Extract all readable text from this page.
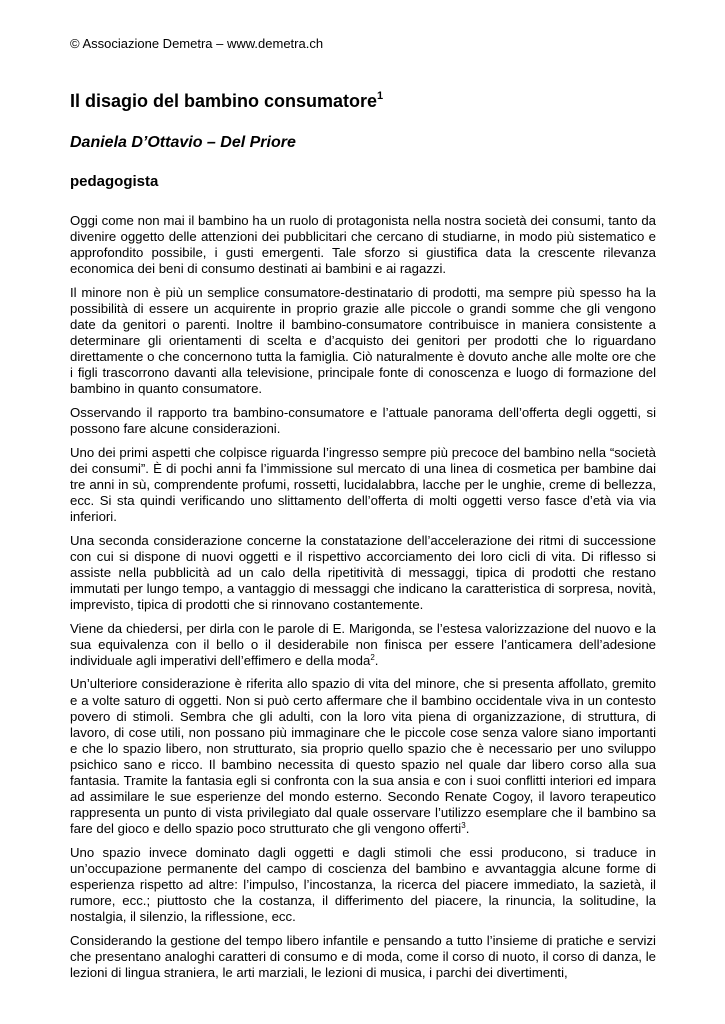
© Associazione Demetra – www.demetra.ch
Il disagio del bambino consumatore$^1$
Daniela D’Ottavio – Del Priore
pedagogista

Oggi come non mai il bambino ha un ruolo di protagonista nella nostra società dei consumi, tanto da divenire oggetto delle attenzioni dei pubblicitari che cercano di studiarne, in modo più sistematico e approfondito possibile, i gusti emergenti. Tale sforzo si giustifica data la crescente rilevanza economica dei beni di consumo destinati ai bambini e ai ragazzi.

Il minore non è più un semplice consumatore-destinatario di prodotti, ma sempre più spesso ha la possibilità di essere un acquirente in proprio grazie alle piccole o grandi somme che gli vengono date da genitori o parenti. Inoltre il bambino-consumatore contribuisce in maniera consistente a determinare gli orientamenti di scelta e d’acquisto dei genitori per prodotti che lo riguardano direttamente o che concernono tutta la famiglia. Ciò naturalmente è dovuto anche alle molte ore che i figli trascorrono davanti alla televisione, principale fonte di conoscenza e luogo di formazione del bambino in quanto consumatore.

Osservando il rapporto tra bambino-consumatore e l’attuale panorama dell’offerta degli oggetti, si possono fare alcune considerazioni.

Uno dei primi aspetti che colpisce riguarda l’ingresso sempre più precoce del bambino nella “società dei consumi”. È di pochi anni fa l’immissione sul mercato di una linea di cosmetica per bambine dai tre anni in sù, comprendente profumi, rossetti, lucidalabbra, lacche per le unghie, creme di bellezza, ecc. Si sta quindi verificando uno slittamento dell’offerta di molti oggetti verso fasce d’età via via inferiori.

Una seconda considerazione concerne la constatazione dell’accelerazione dei ritmi di successione con cui si dispone di nuovi oggetti e il rispettivo accorciamento dei loro cicli di vita. Di riflesso si assiste nella pubblicità ad un calo della ripetitività di messaggi, tipica di prodotti che restano immutati per lungo tempo, a vantaggio di messaggi che indicano la caratteristica di sorpresa, novità, imprevisto, tipica di prodotti che si rinnovano costantemente.

Viene da chiedersi, per dirla con le parole di E. Marigonda, se l’estesa valorizzazione del nuovo e la sua equivalenza con il bello o il desiderabile non finisca per essere l’anticamera dell’adesione individuale agli imperativi dell’effimero e della moda$^2$.

Un’ulteriore considerazione è riferita allo spazio di vita del minore, che si presenta affollato, gremito e a volte saturo di oggetti. Non si può certo affermare che il bambino occidentale viva in un contesto povero di stimoli. Sembra che gli adulti, con la loro vita piena di organizzazione, di struttura, di lavoro, di cose utili, non possano più immaginare che le piccole cose senza valore siano importanti e che lo spazio libero, non strutturato, sia proprio quello spazio che è necessario per uno sviluppo psichico sano e ricco. Il bambino necessita di questo spazio nel quale dar libero corso alla sua fantasia. Tramite la fantasia egli si confronta con la sua ansia e con i suoi conflitti interiori ed impara ad assimilare le sue esperienze del mondo esterno. Secondo Renate Cogoy, il lavoro terapeutico rappresenta un punto di vista privilegiato dal quale osservare l’utilizzo esemplare che il bambino sa fare del gioco e dello spazio poco strutturato che gli vengono offerti$^3$.

Uno spazio invece dominato dagli oggetti e dagli stimoli che essi producono, si traduce in un’occupazione permanente del campo di coscienza del bambino e avvantaggia alcune forme di esperienza rispetto ad altre: l’impulso, l’incostanza, la ricerca del piacere immediato, la sazietà, il rumore, ecc.; piuttosto che la costanza, il differimento del piacere, la rinuncia, la solitudine, la nostalgia, il silenzio, la riflessione, ecc.

Considerando la gestione del tempo libero infantile e pensando a tutto l’insieme di pratiche e servizi che presentano analoghi caratteri di consumo e di moda, come il corso di nuoto, il corso di danza, le lezioni di lingua straniera, le arti marziali, le lezioni di musica, i parchi dei divertimenti,
